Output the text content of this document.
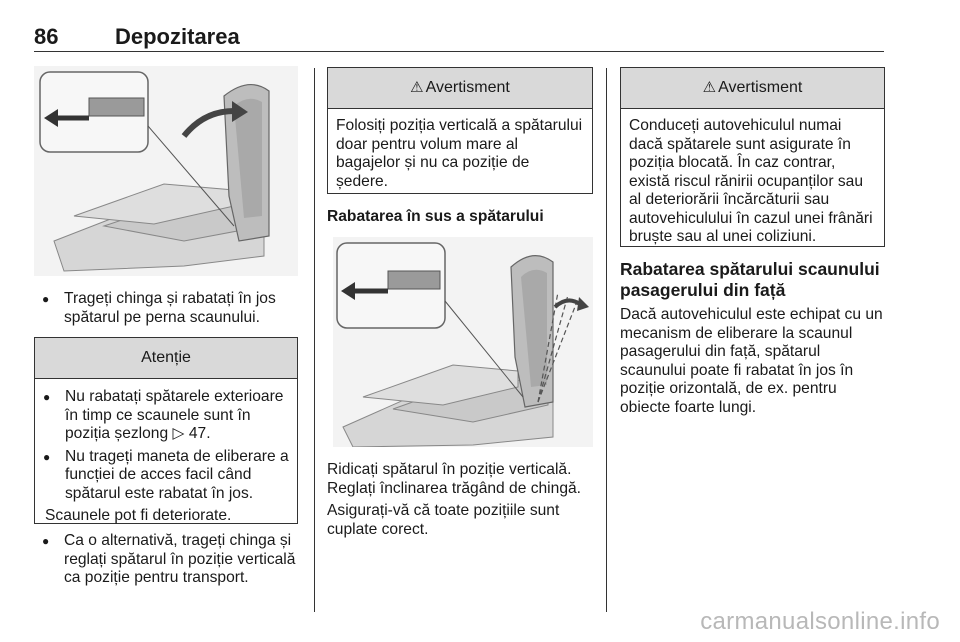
86	Depozitarea
● Trageți chinga și rabatați în jos spătarul pe perna scaunului.
Atenție
● Nu rabatați spătarele exterioare în timp ce scaunele sunt în poziția șezlong ▷ 47.
● Nu trageți maneta de eliberare a funcției de acces facil când spătarul este rabatat în jos.
Scaunele pot fi deteriorate.
● Ca o alternativă, trageți chinga și reglați spătarul în poziție verticală ca poziție pentru transport.
⚠ Avertisment
Folosiți poziția verticală a spătarului doar pentru volum mare al bagajelor și nu ca poziție de ședere.
Rabatarea în sus a spătarului
Ridicați spătarul în poziție verticală. Reglați înclinarea trăgând de chingă.
Asigurați-vă că toate pozițiile sunt cuplate corect.
⚠ Avertisment
Conduceți autovehiculul numai dacă spătarele sunt asigurate în poziția blocată. În caz contrar, există riscul rănirii ocupanților sau al deteriorării încărcăturii sau autovehiculului în cazul unei frânări bruște sau al unei coliziuni.
Rabatarea spătarului scaunului pasagerului din față
Dacă autovehiculul este echipat cu un mecanism de eliberare la scaunul pasagerului din față, spătarul scaunului poate fi rabatat în jos în poziție orizontală, de ex. pentru obiecte foarte lungi.
carmanualsonline.info
